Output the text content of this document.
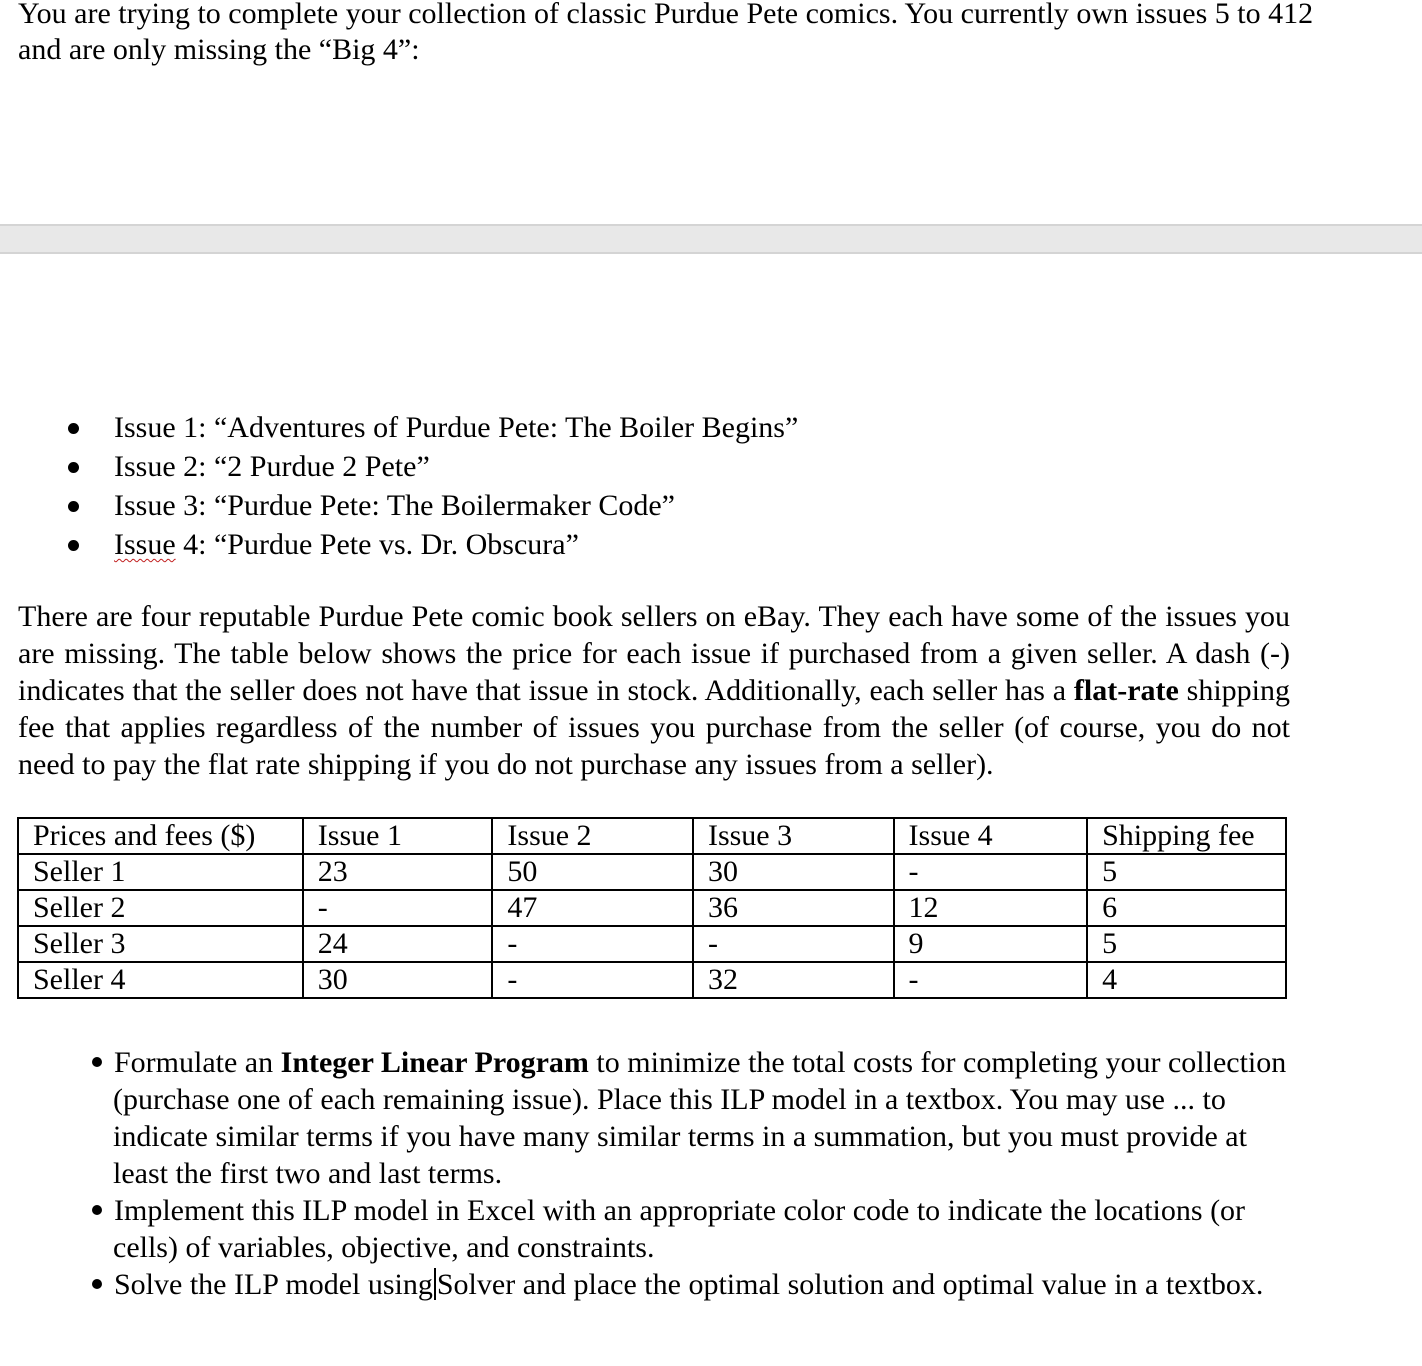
You are trying to complete your collection of classic Purdue Pete comics. You currently own issues 5 to 412 and are only missing the “Big 4”:

Issue 1: “Adventures of Purdue Pete: The Boiler Begins”
Issue 2: “2 Purdue 2 Pete”
Issue 3: “Purdue Pete: The Boilermaker Code”
Issue 4: “Purdue Pete vs. Dr. Obscura”

There are four reputable Purdue Pete comic book sellers on eBay. They each have some of the issues you are missing. The table below shows the price for each issue if purchased from a given seller. A dash (-) indicates that the seller does not have that issue in stock. Additionally, each seller has a flat-rate shipping fee that applies regardless of the number of issues you purchase from the seller (of course, you do not need to pay the flat rate shipping if you do not purchase any issues from a seller).

Prices and fees ($)	Issue 1	Issue 2	Issue 3	Issue 4	Shipping fee
Seller 1	23	50	30	-	5
Seller 2	-	47	36	12	6
Seller 3	24	-	-	9	5
Seller 4	30	-	32	-	4
Formulate an Integer Linear Program to minimize the total costs for completing your collection (purchase one of each remaining issue). Place this ILP model in a textbox. You may use ... to indicate similar terms if you have many similar terms in a summation, but you must provide at least the first two and last terms.
Implement this ILP model in Excel with an appropriate color code to indicate the locations (or cells) of variables, objective, and constraints.
Solve the ILP model using Solver and place the optimal solution and optimal value in a textbox.
